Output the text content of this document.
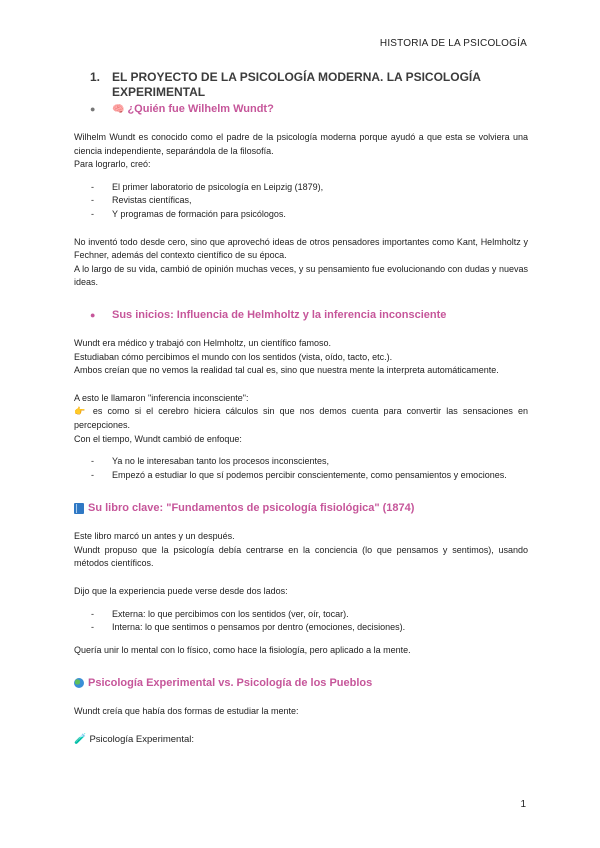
HISTORIA DE LA PSICOLOGÍA
1. EL PROYECTO DE LA PSICOLOGÍA MODERNA. LA PSICOLOGÍA EXPERIMENTAL
●	🧠 ¿Quién fue Wilhelm Wundt?

Wilhelm Wundt es conocido como el padre de la psicología moderna porque ayudó a que esta se volviera una ciencia independiente, separándola de la filosofía.

Para lograrlo, creó:

- El primer laboratorio de psicología en Leipzig (1879),
- Revistas científicas,
- Y programas de formación para psicólogos.

No inventó todo desde cero, sino que aprovechó ideas de otros pensadores importantes como Kant, Helmholtz y Fechner, además del contexto científico de su época.

A lo largo de su vida, cambió de opinión muchas veces, y su pensamiento fue evolucionando con dudas y nuevas ideas.

●	Sus inicios: Influencia de Helmholtz y la inferencia inconsciente

Wundt era médico y trabajó con Helmholtz, un científico famoso.

Estudiaban cómo percibimos el mundo con los sentidos (vista, oído, tacto, etc.).

Ambos creían que no vemos la realidad tal cual es, sino que nuestra mente la interpreta automáticamente.

A esto le llamaron "inferencia inconsciente":

👉 es como si el cerebro hiciera cálculos sin que nos demos cuenta para convertir las sensaciones en percepciones.

Con el tiempo, Wundt cambió de enfoque:

- Ya no le interesaban tanto los procesos inconscientes,
- Empezó a estudiar lo que sí podemos percibir conscientemente, como pensamientos y emociones.
Su libro clave: "Fundamentos de psicología fisiológica" (1874)

Este libro marcó un antes y un después.

Wundt propuso que la psicología debía centrarse en la conciencia (lo que pensamos y sentimos), usando métodos científicos.

Dijo que la experiencia puede verse desde dos lados:

- Externa: lo que percibimos con los sentidos (ver, oír, tocar).
- Interna: lo que sentimos o pensamos por dentro (emociones, decisiones).

Quería unir lo mental con lo físico, como hace la fisiología, pero aplicado a la mente.

Psicología Experimental vs. Psicología de los Pueblos

Wundt creía que había dos formas de estudiar la mente:

🧪 Psicología Experimental:
1
